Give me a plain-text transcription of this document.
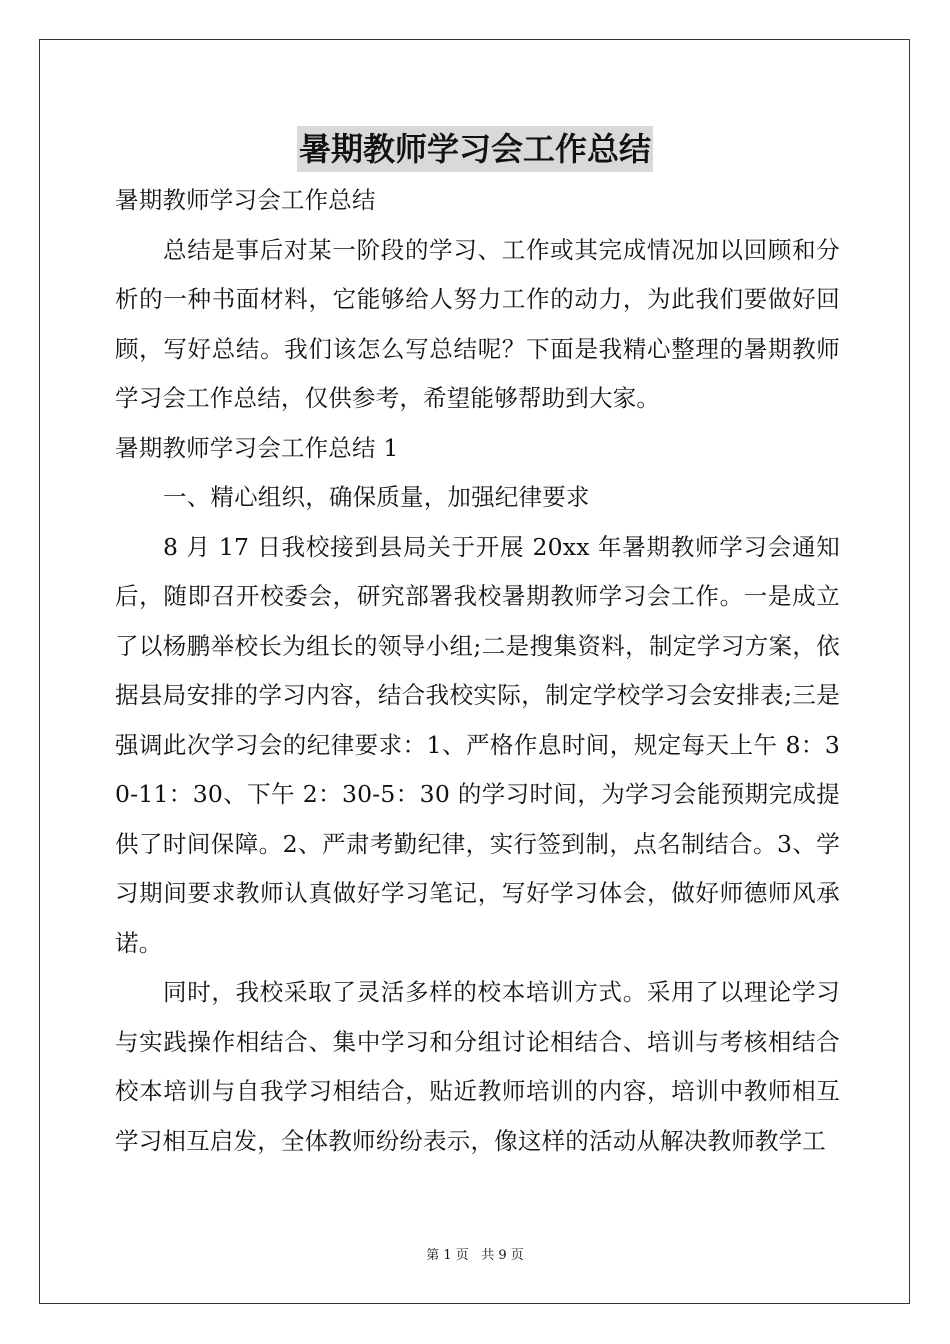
暑期教师学习会工作总结

暑期教师学习会工作总结

总结是事后对某一阶段的学习、工作或其完成情况加以回顾和分析的一种书面材料，它能够给人努力工作的动力，为此我们要做好回顾，写好总结。我们该怎么写总结呢？下面是我精心整理的暑期教师学习会工作总结，仅供参考，希望能够帮助到大家。

暑期教师学习会工作总结 1

一、精心组织，确保质量，加强纪律要求

8 月 17 日我校接到县局关于开展 20xx 年暑期教师学习会通知后，随即召开校委会，研究部署我校暑期教师学习会工作。一是成立了以杨鹏举校长为组长的领导小组;二是搜集资料，制定学习方案，依据县局安排的学习内容，结合我校实际，制定学校学习会安排表;三是强调此次学习会的纪律要求：1、严格作息时间，规定每天上午 8：30-11：30、下午 2：30-5：30 的学习时间，为学习会能预期完成提供了时间保障。2、严肃考勤纪律，实行签到制，点名制结合。3、学习期间要求教师认真做好学习笔记，写好学习体会，做好师德师风承诺。

同时，我校采取了灵活多样的校本培训方式。采用了以理论学习与实践操作相结合、集中学习和分组讨论相结合、培训与考核相结合校本培训与自我学习相结合，贴近教师培训的内容，培训中教师相互学习相互启发，全体教师纷纷表示，像这样的活动从解决教师教学工

第 1 页   共 9 页
